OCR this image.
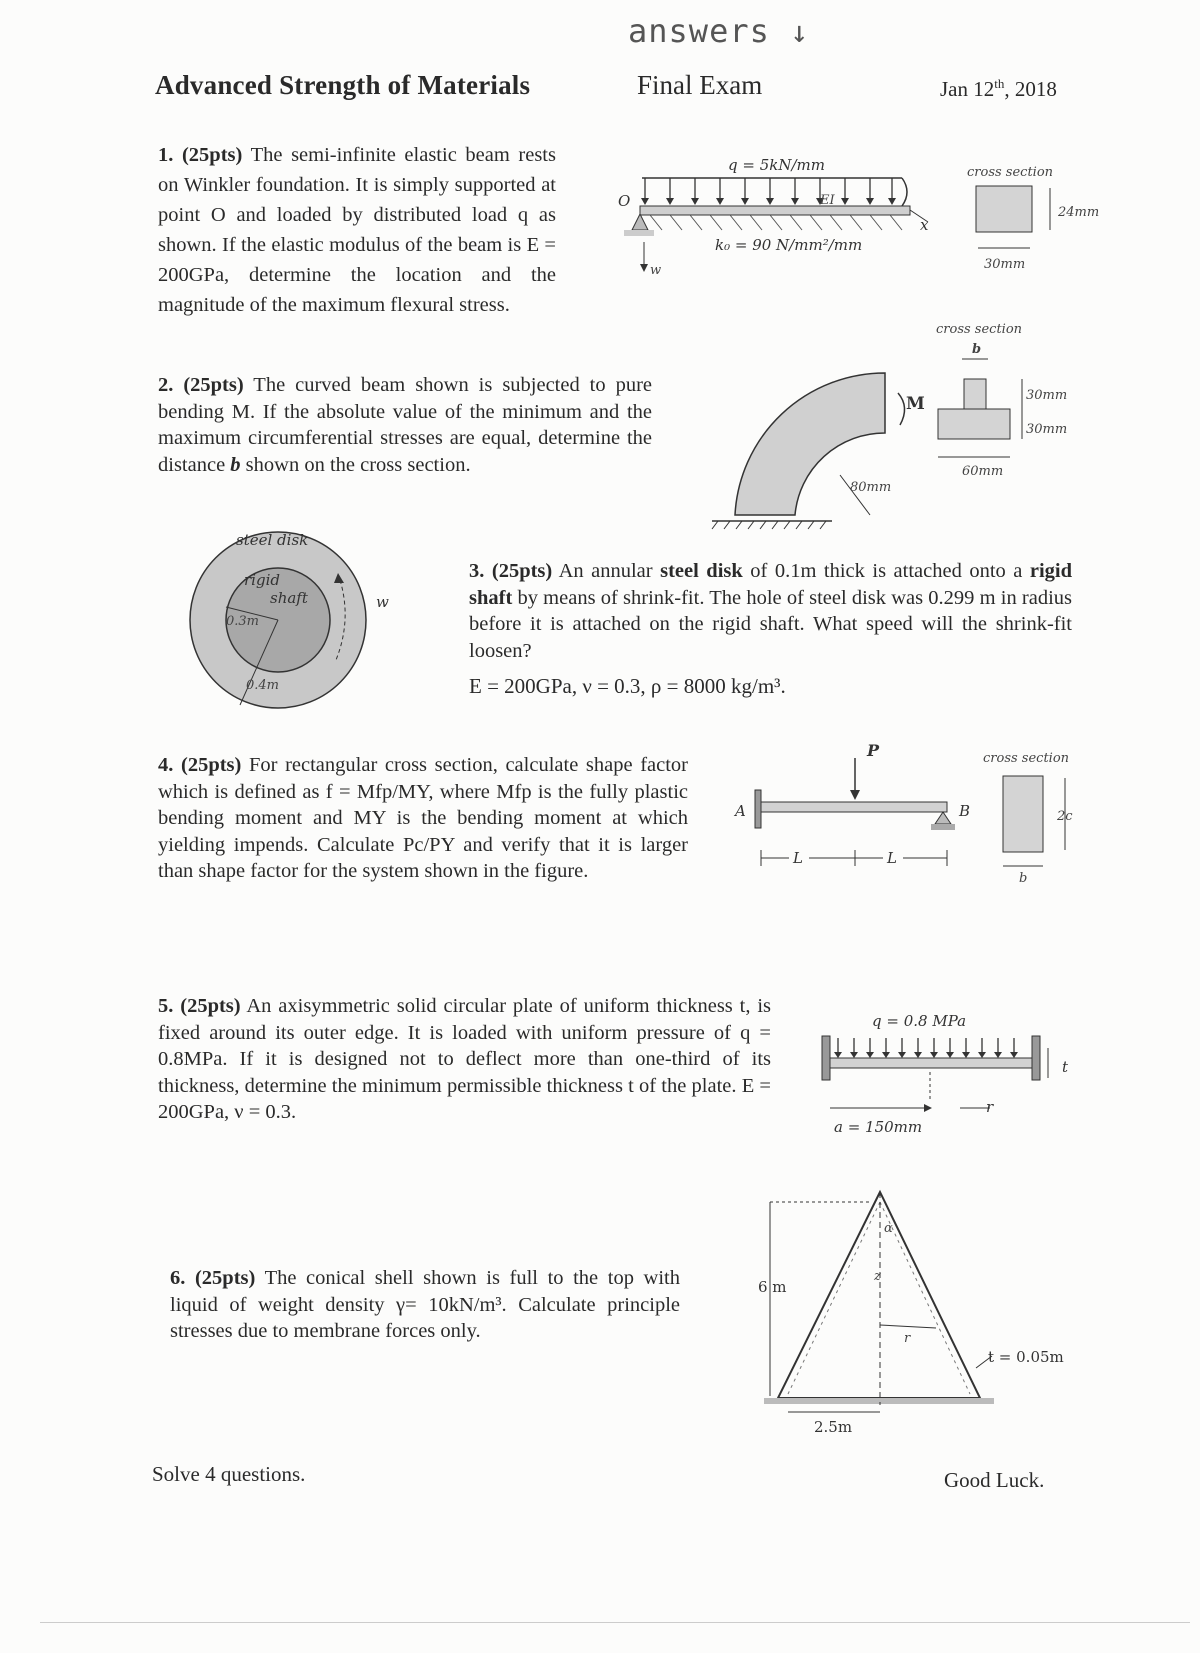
answers ↓
Advanced Strength of Materials	Final Exam	Jan 12th, 2018
1. (25pts) The semi-infinite elastic beam rests on Winkler foundation. It is simply supported at point O and loaded by distributed load q as shown. If the elastic modulus of the beam is E = 200GPa, determine the location and the magnitude of the maximum flexural stress.
q = 5kN/mm
EI
O
x
w
k₀ = 90 N/mm²/mm
cross section
24mm
30mm
2. (25pts) The curved beam shown is subjected to pure bending M. If the absolute value of the minimum and the maximum circumferential stresses are equal, determine the distance b shown on the cross section.
M
80mm
cross section
b
30mm
30mm
60mm
steel disk
rigid
shaft
0.3m
0.4m
w
3. (25pts) An annular steel disk of 0.1m thick is attached onto a rigid shaft by means of shrink-fit. The hole of steel disk was 0.299 m in radius before it is attached on the rigid shaft. What speed will the shrink-fit loosen?
E = 200GPa, ν = 0.3, ρ = 8000 kg/m³.
4. (25pts) For rectangular cross section, calculate shape factor which is defined as f = Mfp/MY, where Mfp is the fully plastic bending moment and MY is the bending moment at which yielding impends. Calculate Pc/PY and verify that it is larger than shape factor for the system shown in the figure.
P
A	B
L	L
cross section
2c
b
5. (25pts) An axisymmetric solid circular plate of uniform thickness t, is fixed around its outer edge. It is loaded with uniform pressure of q = 0.8MPa. If it is designed not to deflect more than one-third of its thickness, determine the minimum permissible thickness t of the plate. E = 200GPa, ν = 0.3.
q = 0.8 MPa
t
r
a = 150mm
6. (25pts) The conical shell shown is full to the top with liquid of weight density γ= 10kN/m³. Calculate principle stresses due to membrane forces only.
α
z
r
6 m
2.5m
t = 0.05m
Solve 4 questions.	Good Luck.
